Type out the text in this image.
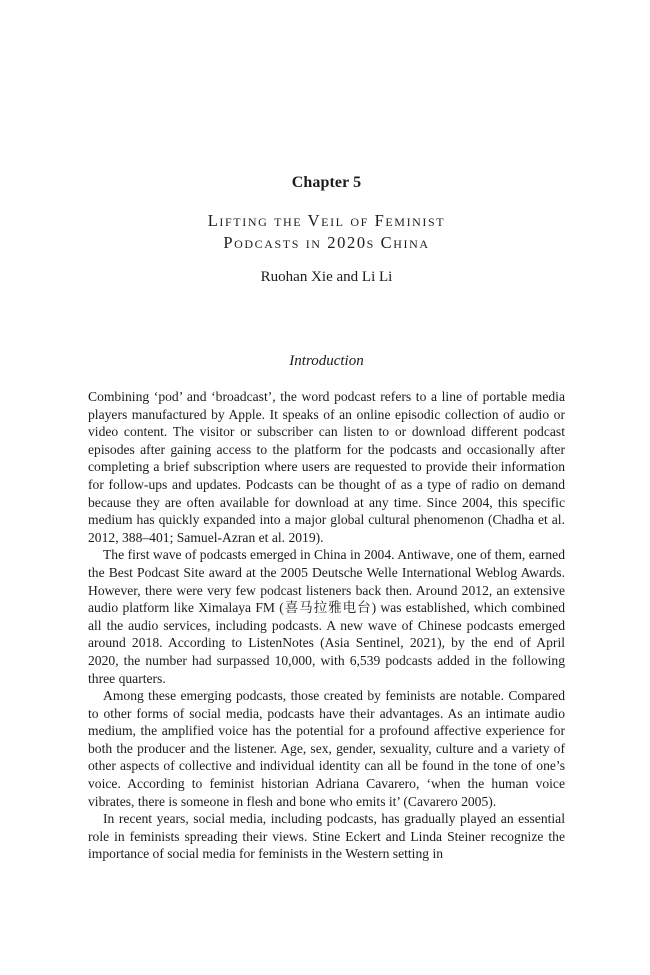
Chapter 5
Lifting the Veil of Feminist
Podcasts in 2020s China
Ruohan Xie and Li Li
Introduction

Combining ‘pod’ and ‘broadcast’, the word podcast refers to a line of portable media players manufactured by Apple. It speaks of an online episodic collection of audio or video content. The visitor or subscriber can listen to or download different podcast episodes after gaining access to the platform for the podcasts and occasionally after completing a brief subscription where users are requested to provide their information for follow-ups and updates. Podcasts can be thought of as a type of radio on demand because they are often available for download at any time. Since 2004, this specific medium has quickly expanded into a major global cultural phenomenon (Chadha et al. 2012, 388–401; Samuel-Azran et al. 2019).

The first wave of podcasts emerged in China in 2004. Antiwave, one of them, earned the Best Podcast Site award at the 2005 Deutsche Welle International Weblog Awards. However, there were very few podcast listeners back then. Around 2012, an extensive audio platform like Ximalaya FM (喜马拉雅电台) was established, which combined all the audio services, including podcasts. A new wave of Chinese podcasts emerged around 2018. According to ListenNotes (Asia Sentinel, 2021), by the end of April 2020, the number had surpassed 10,000, with 6,539 podcasts added in the following three quarters.

Among these emerging podcasts, those created by feminists are notable. Compared to other forms of social media, podcasts have their advantages. As an intimate audio medium, the amplified voice has the potential for a profound affective experience for both the producer and the listener. Age, sex, gender, sexuality, culture and a variety of other aspects of collective and individual identity can all be found in the tone of one’s voice. According to feminist historian Adriana Cavarero, ‘when the human voice vibrates, there is someone in flesh and bone who emits it’ (Cavarero 2005).

In recent years, social media, including podcasts, has gradually played an essential role in feminists spreading their views. Stine Eckert and Linda Steiner recognize the importance of social media for feminists in the Western setting in
